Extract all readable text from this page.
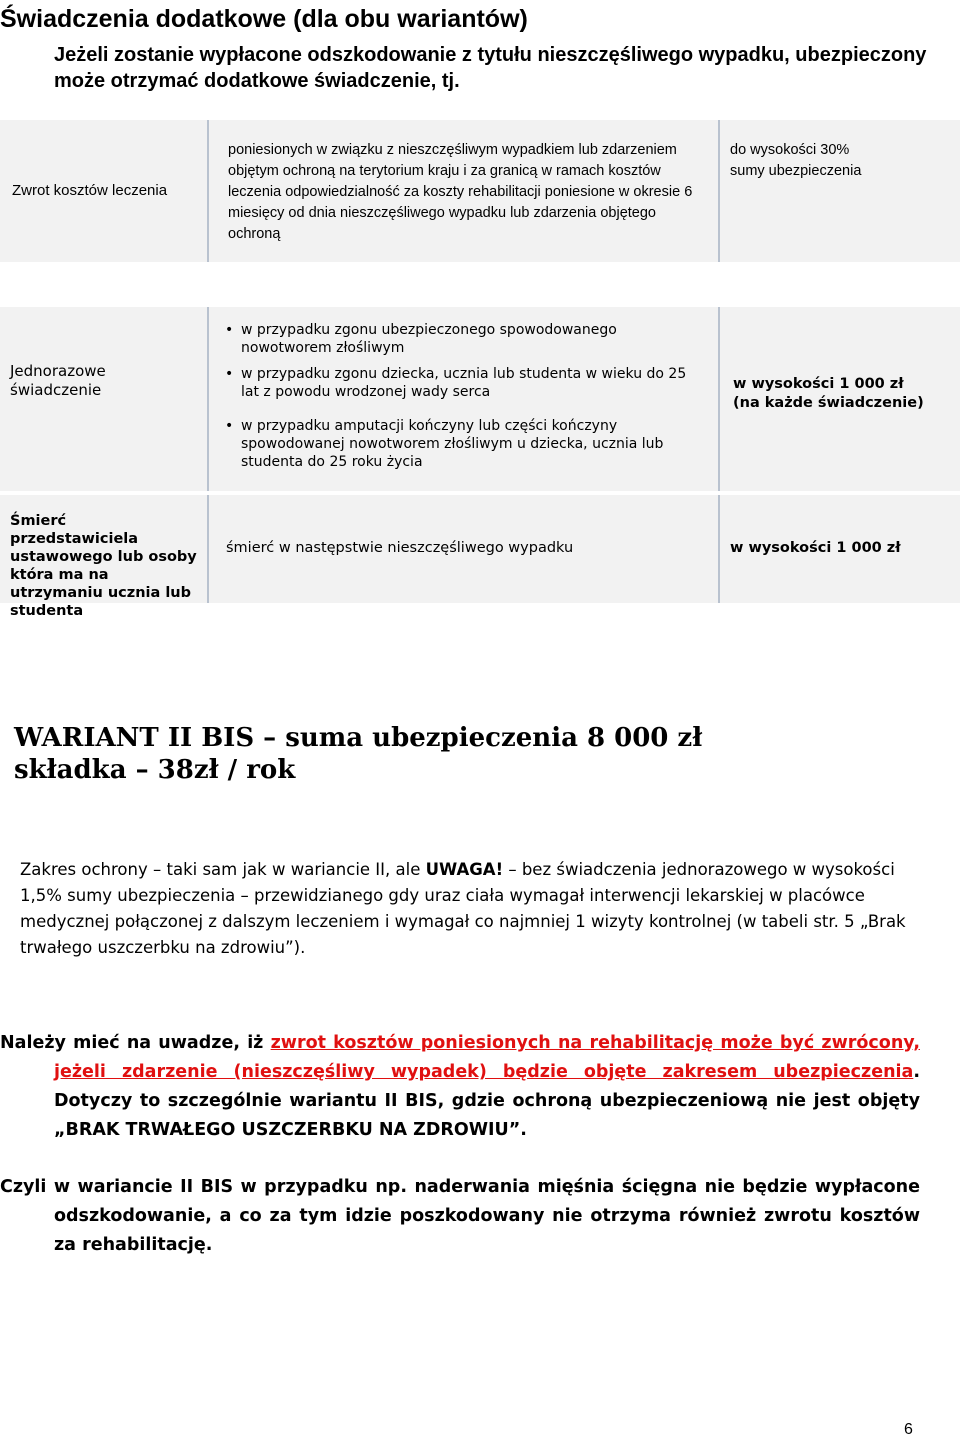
Świadczenia dodatkowe (dla obu wariantów)
Jeżeli zostanie wypłacone odszkodowanie z tytułu nieszczęśliwego wypadku, ubezpieczony może otrzymać dodatkowe świadczenie, tj.
Zwrot kosztów leczenia
poniesionych w związku z nieszczęśliwym wypadkiem lub zdarzeniem objętym ochroną na terytorium kraju i za granicą w ramach kosztów leczenia odpowiedzialność za koszty rehabilitacji poniesione w okresie 6 miesięcy od dnia nieszczęśliwego wypadku lub zdarzenia objętego ochroną
do wysokości 30% sumy ubezpieczenia
Jednorazowe świadczenie
• w przypadku zgonu ubezpieczonego spowodowanego nowotworem złośliwym
• w przypadku zgonu dziecka, ucznia lub studenta w wieku do 25 lat z powodu wrodzonej wady serca
• w przypadku amputacji kończyny lub części kończyny spowodowanej nowotworem złośliwym u dziecka, ucznia lub studenta do 25 roku życia
w wysokości 1 000 zł (na każde świadczenie)
Śmierć przedstawiciela ustawowego lub osoby która ma na utrzymaniu ucznia lub studenta
śmierć w następstwie nieszczęśliwego wypadku	w wysokości 1 000 zł
WARIANT II BIS – suma ubezpieczenia 8 000 zł
składka – 38zł / rok
Zakres ochrony – taki sam jak w wariancie II, ale UWAGA! – bez świadczenia jednorazowego w wysokości 1,5% sumy ubezpieczenia – przewidzianego gdy uraz ciała wymagał interwencji lekarskiej w placówce medycznej połączonej z dalszym leczeniem i wymagał co najmniej 1 wizyty kontrolnej (w tabeli str. 5 „Brak trwałego uszczerbku na zdrowiu”).
Należy mieć na uwadze, iż zwrot kosztów poniesionych na rehabilitację może być zwrócony, jeżeli zdarzenie (nieszczęśliwy wypadek) będzie objęte zakresem ubezpieczenia. Dotyczy to szczególnie wariantu II BIS, gdzie ochroną ubezpieczeniową nie jest objęty „BRAK TRWAŁEGO USZCZERBKU NA ZDROWIU”.
Czyli w wariancie II BIS w przypadku np. naderwania mięśnia ścięgna nie będzie wypłacone odszkodowanie, a co za tym idzie poszkodowany nie otrzyma również zwrotu kosztów za rehabilitację.
6
